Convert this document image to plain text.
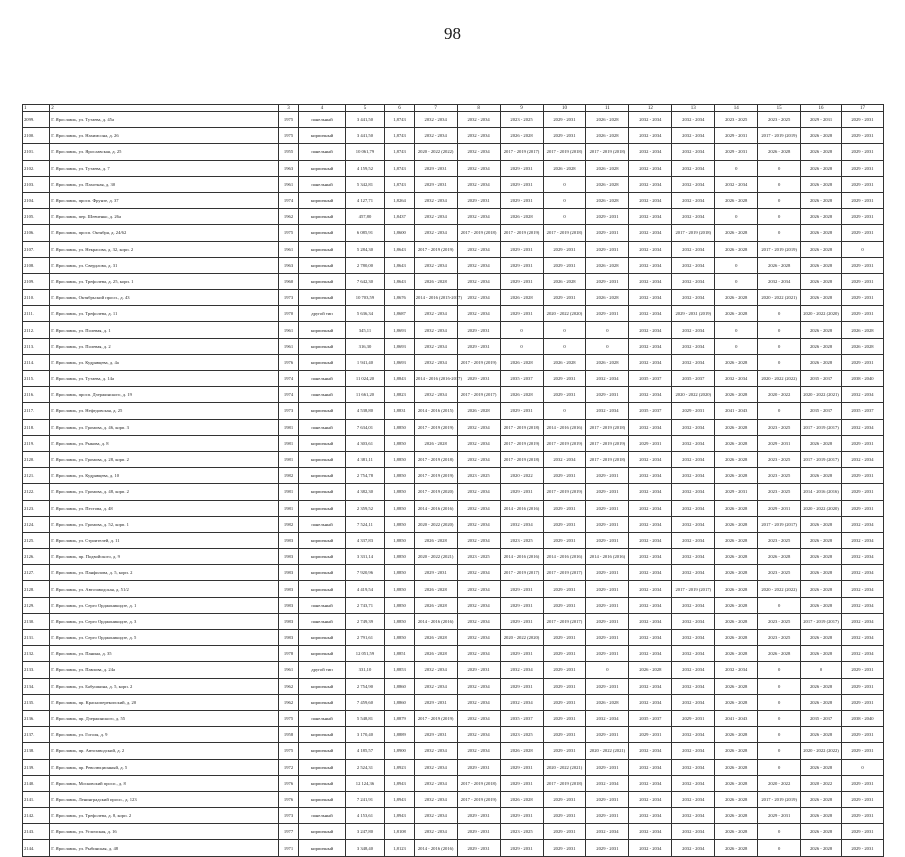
98
1	2	3	4	5	6	7	8	9	10	11	12	13	14	15	16	17
2099.	Г. Ярославль, ул. Тутаева, д. 45а	1975	панельный	3 441,50	1,8743	2032 - 2034	2032 - 2034	2023 - 2025	2029 - 2031	2026 - 2028	2032 - 2034	2032 - 2034	2023 - 2025	2023 - 2025	2029 - 2031	2029 - 2031
2100.	Г. Ярославль, ул. Нахимсона, д. 26	1975	кирпичный	3 441,50	1,8743	2032 - 2034	2032 - 2034	2026 - 2028	2029 - 2031	2026 - 2028	2032 - 2034	2032 - 2034	2029 - 2031	2017 - 2019 (2019)	2026 - 2028	2029 - 2031
2101.	Г. Ярославль, ул. Ярославская, д. 25	1955	панельный	10 061,79	1,8743	2020 - 2022 (2022)	2032 - 2034	2017 - 2019 (2017)	2017 - 2019 (2018)	2017 - 2019 (2018)	2032 - 2034	2032 - 2034	2029 - 2031	2026 - 2028	2026 - 2028	2029 - 2031
2102.	Г. Ярославль, ул. Тутаева, д. 7	1963	кирпичный	4 159,52	1,8743	2029 - 2031	2032 - 2034	2029 - 2031	2026 - 2028	2026 - 2028	2032 - 2034	2032 - 2034	0	0	2026 - 2028	2029 - 2031
2103.	Г. Ярославль, ул. Пахотная, д. 30	1961	панельный	5 342,81	1,8743	2029 - 2031	2032 - 2034	2029 - 2031	0	2026 - 2028	2032 - 2034	2032 - 2034	2032 - 2034	0	2026 - 2028	2029 - 2031
2104.	Г. Ярославль, просп. Фрунзе, д. 37	1974	кирпичный	4 127,71	1,8264	2032 - 2034	2029 - 2031	2029 - 2031	0	2026 - 2028	2032 - 2034	2032 - 2034	2026 - 2028	0	2026 - 2028	2029 - 2031
2105.	Г. Ярославль, пер. Шевченко, д. 26а	1962	кирпичный	457,80	1,8437	2032 - 2034	2032 - 2034	2026 - 2028	0	2029 - 2031	2032 - 2034	2032 - 2034	0	0	2026 - 2028	2029 - 2031
2106.	Г. Ярославль, просп. Октября, д. 24/62	1975	кирпичный	6 085,91	1,8600	2032 - 2034	2017 - 2019 (2018)	2017 - 2019 (2019)	2017 - 2019 (2018)	2029 - 2031	2032 - 2034	2017 - 2019 (2018)	2026 - 2028	0	2026 - 2028	2029 - 2031
2107.	Г. Ярославль, ул. Некрасова, д. 32, корп. 2	1961	кирпичный	5 284,30	1,8643	2017 - 2019 (2019)	2032 - 2034	2029 - 2031	2029 - 2031	2029 - 2031	2032 - 2034	2032 - 2034	2026 - 2028	2017 - 2019 (2019)	2026 - 2028	0
2108.	Г. Ярославль, ул. Свердлова, д. 31	1963	кирпичный	2 780,00	1,8643	2032 - 2034	2032 - 2034	2029 - 2031	2029 - 2031	2026 - 2028	2032 - 2034	2032 - 2034	0	2026 - 2028	2026 - 2028	2029 - 2031
2109.	Г. Ярославль, ул. Трефолева, д. 25, корп. 1	1960	кирпичный	7 642,30	1,8643	2026 - 2028	2032 - 2034	2029 - 2031	2026 - 2028	2029 - 2031	2032 - 2034	2032 - 2034	0	2032 - 2034	2026 - 2028	2029 - 2031
2110.	Г. Ярославль, Октябрьский просп., д. 43	1973	кирпичный	10 703,59	1,8676	2014 - 2016 (2015-2017)	2032 - 2034	2026 - 2028	2029 - 2031	2026 - 2028	2032 - 2034	2032 - 2034	2026 - 2028	2020 - 2022 (2021)	2026 - 2028	2029 - 2031
2111.	Г. Ярославль, ул. Трефолева, д. 11	1970	другой тип	5 636,34	1,8687	2032 - 2034	2032 - 2034	2029 - 2031	2020 - 2022 (2020)	2029 - 2031	2032 - 2034	2029 - 2031 (2019)	2026 - 2028	0	2020 - 2022 (2020)	2029 - 2031
2112.	Г. Ярославль, ул. Полевая, д. 1	1961	кирпичный	345,11	1,8693	2032 - 2034	2029 - 2031	0	0	0	2032 - 2034	2032 - 2034	0	0	2026 - 2028	2026 - 2028
2113.	Г. Ярославль, ул. Полевая, д. 2	1961	кирпичный	316,30	1,8693	2032 - 2034	2029 - 2031	0	0	0	2032 - 2034	2032 - 2034	0	0	2026 - 2028	2026 - 2028
2114.	Г. Ярославль, ул. Кудрявцева, д. 4а	1976	кирпичный	1 941,40	1,8693	2032 - 2034	2017 - 2019 (2019)	2026 - 2028	2026 - 2028	2026 - 2028	2032 - 2034	2032 - 2034	2026 - 2028	0	2026 - 2028	2029 - 2031
2115.	Г. Ярославль, ул. Тутаева, д. 14а	1974	панельный	11 024,20	1,8843	2014 - 2016 (2016-2017)	2029 - 2031	2035 - 2037	2029 - 2031	2032 - 2034	2035 - 2037	2035 - 2037	2032 - 2034	2020 - 2022 (2022)	2035 - 2037	2038 - 2040
2116.	Г. Ярославль, просп. Дзержинского, д. 19	1974	панельный	11 661,20	1,8823	2032 - 2034	2017 - 2019 (2017)	2026 - 2028	2029 - 2031	2029 - 2031	2032 - 2034	2020 - 2022 (2020)	2026 - 2028	2020 - 2022	2020 - 2022 (2021)	2032 - 2034
2117.	Г. Ярославль, ул. Нефедовская, д. 25	1973	кирпичный	4 538,80	1,8831	2014 - 2016 (2015)	2026 - 2028	2029 - 2031	0	2032 - 2034	2035 - 2037	2029 - 2031	2041 - 2043	0	2035 - 2037	2035 - 2037
2118.	Г. Ярославль, ул. Громова, д. 46, корп. 3	1981	панельный	7 634,01	1,8850	2017 - 2019 (2019)	2032 - 2034	2017 - 2019 (2018)	2014 - 2016 (2016)	2017 - 2019 (2018)	2032 - 2034	2032 - 2034	2026 - 2028	2023 - 2025	2017 - 2019 (2017)	2032 - 2034
2119.	Г. Ярославль, ул. Рыкова, д. 8	1981	кирпичный	4 303,61	1,8850	2026 - 2028	2032 - 2034	2017 - 2019 (2019)	2017 - 2019 (2019)	2017 - 2019 (2019)	2029 - 2031	2032 - 2034	2026 - 2028	2029 - 2031	2026 - 2028	2029 - 2031
2120.	Г. Ярославль, ул. Громова, д. 28, корп. 2	1981	кирпичный	4 381,11	1,8850	2017 - 2019 (2018)	2032 - 2034	2017 - 2019 (2018)	2032 - 2034	2017 - 2019 (2018)	2032 - 2034	2032 - 2034	2026 - 2028	2023 - 2025	2017 - 2019 (2017)	2032 - 2034
2121.	Г. Ярославль, ул. Кудрявцева, д. 10	1982	кирпичный	2 754,78	1,8850	2017 - 2019 (2019)	2023 - 2025	2020 - 2022	2029 - 2031	2029 - 2031	2032 - 2034	2032 - 2034	2026 - 2028	2023 - 2025	2026 - 2028	2029 - 2031
2122.	Г. Ярославль, ул. Громова, д. 48, корп. 2	1981	кирпичный	4 382,30	1,8850	2017 - 2019 (2020)	2032 - 2034	2029 - 2031	2017 - 2019 (2019)	2029 - 2031	2032 - 2034	2032 - 2034	2029 - 2031	2023 - 2025	2014 - 2016 (2016)	2029 - 2031
2123.	Г. Ярославль, ул. Пестова, д. 48	1981	кирпичный	2 359,52	1,8850	2014 - 2016 (2016)	2032 - 2034	2014 - 2016 (2016)	2029 - 2031	2029 - 2031	2032 - 2034	2032 - 2034	2026 - 2028	2029 - 2031	2020 - 2022 (2020)	2029 - 2031
2124.	Г. Ярославль, ул. Громова, д. 52, корп. 1	1982	панельный	7 524,11	1,8850	2020 - 2022 (2020)	2032 - 2034	2032 - 2034	2029 - 2031	2029 - 2031	2032 - 2034	2032 - 2034	2026 - 2028	2017 - 2019 (2017)	2026 - 2028	2032 - 2034
2125.	Г. Ярославль, ул. Строителей, д. 11	1983	кирпичный	4 337,83	1,8850	2026 - 2028	2032 - 2034	2023 - 2025	2029 - 2031	2029 - 2031	2032 - 2034	2032 - 2034	2026 - 2028	2023 - 2025	2026 - 2028	2032 - 2034
2126.	Г. Ярославль, пр. Подвойского, д. 9	1983	кирпичный	3 331,14	1,8850	2020 - 2022 (2021)	2023 - 2025	2014 - 2016 (2016)	2014 - 2016 (2016)	2014 - 2016 (2016)	2032 - 2034	2032 - 2034	2026 - 2028	2026 - 2028	2026 - 2028	2032 - 2034
2127.	Г. Ярославль, ул. Панфилова, д. 5, корп. 2	1983	кирпичный	7 920,96	1,8850	2029 - 2031	2032 - 2034	2017 - 2019 (2017)	2017 - 2019 (2017)	2029 - 2031	2032 - 2034	2032 - 2034	2026 - 2028	2023 - 2025	2026 - 2028	2032 - 2034
2128.	Г. Ярославль, ул. Автозаводская, д. 51/2	1983	кирпичный	4 419,54	1,8850	2026 - 2028	2032 - 2034	2029 - 2031	2029 - 2031	2029 - 2031	2032 - 2034	2017 - 2019 (2017)	2026 - 2028	2020 - 2022 (2022)	2026 - 2028	2032 - 2034
2129.	Г. Ярославль, ул. Серго Орджоникидзе, д. 1	1983	панельный	2 743,71	1,8850	2026 - 2028	2032 - 2034	2029 - 2031	2029 - 2031	2029 - 2031	2032 - 2034	2032 - 2034	2026 - 2028	0	2026 - 2028	2032 - 2034
2130.	Г. Ярославль, ул. Серго Орджоникидзе, д. 3	1983	панельный	2 749,39	1,8850	2014 - 2016 (2016)	2032 - 2034	2029 - 2031	2017 - 2019 (2017)	2029 - 2031	2032 - 2034	2032 - 2034	2026 - 2028	2023 - 2025	2017 - 2019 (2017)	2032 - 2034
2131.	Г. Ярославль, ул. Серго Орджоникидзе, д. 5	1983	кирпичный	2 791,61	1,8850	2026 - 2028	2032 - 2034	2020 - 2022 (2020)	2029 - 2031	2029 - 2031	2032 - 2034	2032 - 2034	2026 - 2028	2023 - 2025	2026 - 2028	2032 - 2034
2132.	Г. Ярославль, ул. Панина, д. 35	1978	кирпичный	12 051,59	1,8851	2026 - 2028	2032 - 2034	2029 - 2031	2029 - 2031	2029 - 2031	2032 - 2034	2032 - 2034	2026 - 2028	2026 - 2028	2026 - 2028	2032 - 2034
2133.	Г. Ярославль, ул. Павлова, д. 24а	1961	другой тип	331,10	1,8853	2032 - 2034	2029 - 2031	2032 - 2034	2029 - 2031	0	2026 - 2028	2032 - 2034	2032 - 2034	0	0	2029 - 2031
2134.	Г. Ярославль, ул. Бабушкина, д. 5, корп. 2	1962	кирпичный	2 754,90	1,8860	2032 - 2034	2032 - 2034	2029 - 2031	2029 - 2031	2029 - 2031	2032 - 2034	2032 - 2034	2026 - 2028	0	2026 - 2028	2029 - 2031
2135.	Г. Ярославль, пр. Красноперекопский, д. 20	1962	кирпичный	7 459,60	1,8860	2029 - 2031	2032 - 2034	2032 - 2034	2029 - 2031	2026 - 2028	2032 - 2034	2032 - 2034	2026 - 2028	0	2026 - 2028	2029 - 2031
2136.	Г. Ярославль, пр. Дзержинского, д. 55	1975	панельный	5 548,81	1,8879	2017 - 2019 (2019)	2032 - 2034	2035 - 2037	2029 - 2031	2032 - 2034	2035 - 2037	2029 - 2031	2041 - 2043	0	2035 - 2037	2038 - 2040
2137.	Г. Ярославль, ул. Гоголя, д. 9	1958	кирпичный	3 170,40	1,8889	2029 - 2031	2032 - 2034	2023 - 2025	2029 - 2031	2029 - 2031	2029 - 2031	2032 - 2034	2026 - 2028	0	2026 - 2028	2029 - 2031
2138.	Г. Ярославль, пр. Автозаводский, д. 2	1975	кирпичный	4 185,57	1,8900	2032 - 2034	2032 - 2034	2026 - 2028	2029 - 2031	2020 - 2022 (2021)	2032 - 2034	2032 - 2034	2026 - 2028	0	2020 - 2022 (2022)	2029 - 2031
2139.	Г. Ярославль, пр. Революционный, д. 5	1972	кирпичный	2 524,31	1,8923	2032 - 2034	2029 - 2031	2029 - 2031	2020 - 2022 (2021)	2029 - 2031	2032 - 2034	2032 - 2034	2026 - 2028	0	2026 - 2028	0
2140.	Г. Ярославль, Московский просп., д. 8	1976	кирпичный	12 124,36	1,8943	2032 - 2034	2017 - 2019 (2018)	2029 - 2031	2017 - 2019 (2018)	2032 - 2034	2032 - 2034	2032 - 2034	2026 - 2028	2020 - 2022	2020 - 2022	2029 - 2031
2141.	Г. Ярославль, Ленинградский просп., д. 123	1976	кирпичный	7 241,91	1,8943	2032 - 2034	2017 - 2019 (2019)	2026 - 2028	2029 - 2031	2029 - 2031	2032 - 2034	2032 - 2034	2026 - 2028	2017 - 2019 (2019)	2026 - 2028	2029 - 2031
2142.	Г. Ярославль, ул. Трефолева, д. 8, корп. 2	1973	панельный	4 153,61	1,8943	2032 - 2034	2029 - 2031	2029 - 2031	2029 - 2031	2029 - 2031	2032 - 2034	2032 - 2034	2026 - 2028	2029 - 2031	2026 - 2028	2029 - 2031
2143.	Г. Ярославль, ул. Угличская, д. 16	1977	кирпичный	3 247,80	1,8108	2032 - 2034	2029 - 2031	2023 - 2025	2029 - 2031	2032 - 2034	2032 - 2034	2032 - 2034	2026 - 2028	0	2026 - 2028	2029 - 2031
2144.	Г. Ярославль, ул. Рыбинская, д. 48	1971	кирпичный	3 348,40	1,8123	2014 - 2016 (2016)	2029 - 2031	2029 - 2031	2029 - 2031	2029 - 2031	2032 - 2034	2032 - 2034	2026 - 2028	0	2026 - 2028	2029 - 2031
